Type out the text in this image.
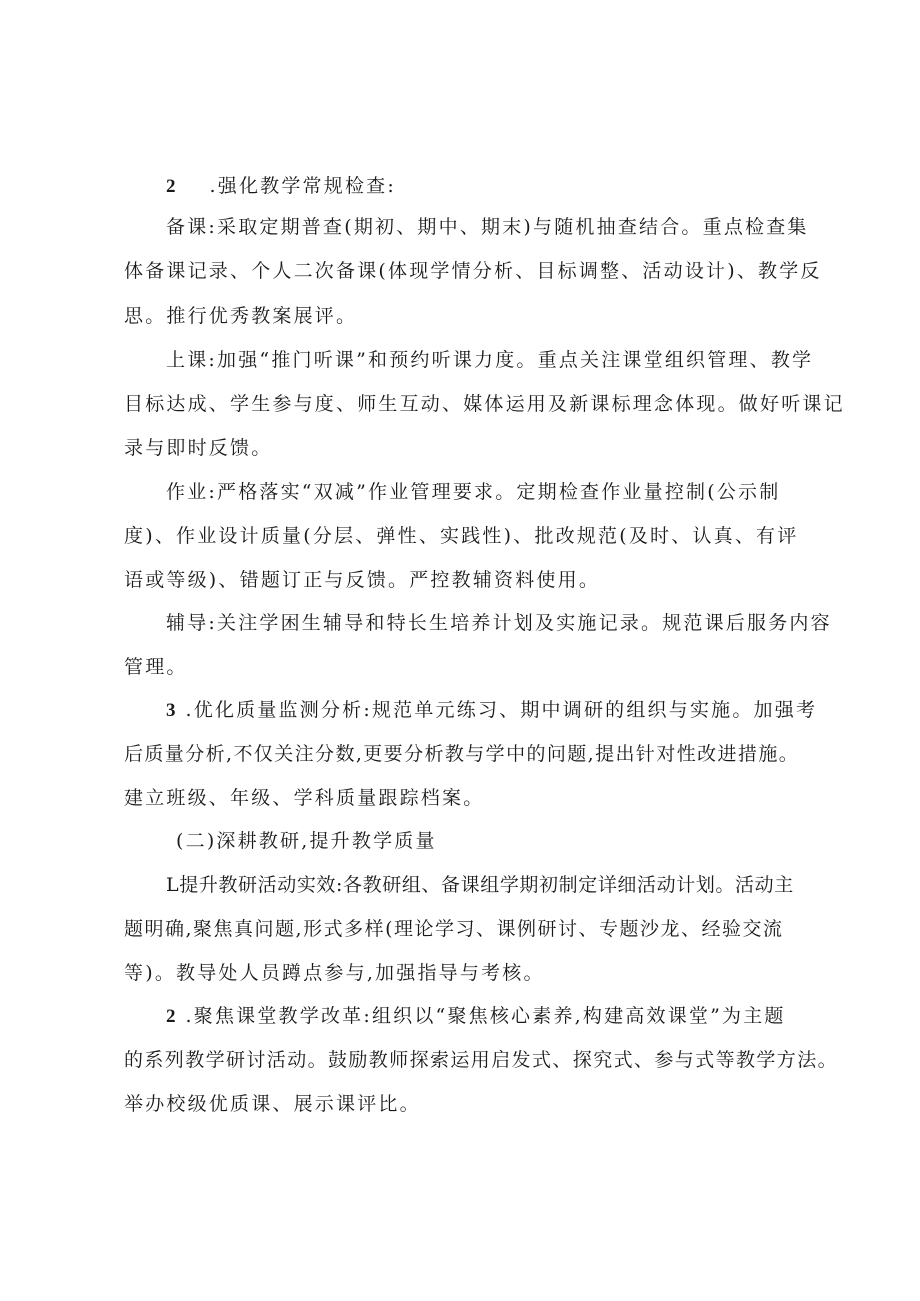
2 .强化教学常规检查:
备课:采取定期普查(期初、期中、期末)与随机抽查结合。重点检查集
体备课记录、个人二次备课(体现学情分析、目标调整、活动设计)、教学反
思。推行优秀教案展评。
上课:加强“推门听课”和预约听课力度。重点关注课堂组织管理、教学
目标达成、学生参与度、师生互动、媒体运用及新课标理念体现。做好听课记
录与即时反馈。
作业:严格落实“双减”作业管理要求。定期检查作业量控制(公示制
度)、作业设计质量(分层、弹性、实践性)、批改规范(及时、认真、有评
语或等级)、错题订正与反馈。严控教辅资料使用。
辅导:关注学困生辅导和特长生培养计划及实施记录。规范课后服务内容
管理。
3 .优化质量监测分析:规范单元练习、期中调研的组织与实施。加强考
后质量分析,不仅关注分数,更要分析教与学中的问题,提出针对性改进措施。
建立班级、年级、学科质量跟踪档案。
(二)深耕教研,提升教学质量
L提升教研活动实效:各教研组、备课组学期初制定详细活动计划。活动主
题明确,聚焦真问题,形式多样(理论学习、课例研讨、专题沙龙、经验交流
等)。教导处人员蹲点参与,加强指导与考核。
2 .聚焦课堂教学改革:组织以“聚焦核心素养,构建高效课堂”为主题
的系列教学研讨活动。鼓励教师探索运用启发式、探究式、参与式等教学方法。
举办校级优质课、展示课评比。
